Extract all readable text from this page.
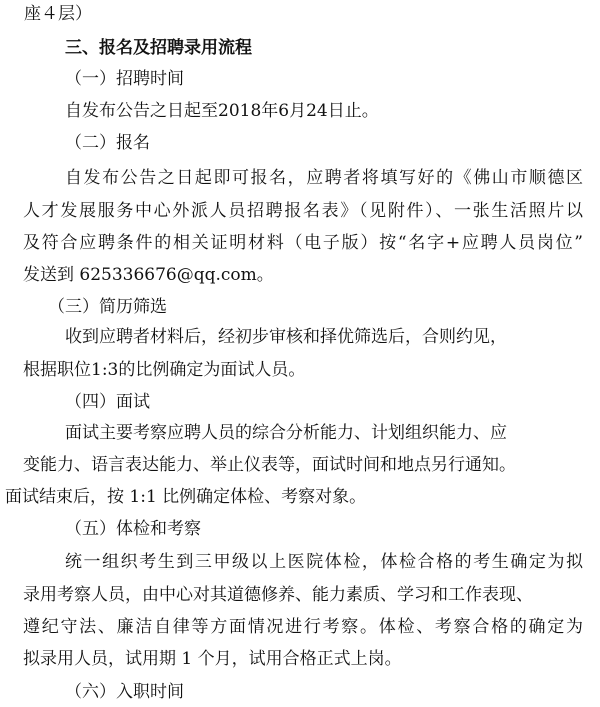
座４层）

三、报名及招聘录用流程

（一）招聘时间

自发布公告之日起至2018年6月24日止。

（二）报名

自发布公告之日起即可报名，应聘者将填写好的《佛山市顺德区

人才发展服务中心外派人员招聘报名表》（见附件）、一张生活照片以

及符合应聘条件的相关证明材料（电子版）按“名字+应聘人员岗位”

发送到 625336676@qq.com。

（三）简历筛选

收到应聘者材料后，经初步审核和择优筛选后，合则约见，

根据职位1:3的比例确定为面试人员。

（四）面试

面试主要考察应聘人员的综合分析能力、计划组织能力、应

变能力、语言表达能力、举止仪表等，面试时间和地点另行通知。

面试结束后，按 1:1 比例确定体检、考察对象。

（五）体检和考察

统一组织考生到三甲级以上医院体检，体检合格的考生确定为拟

录用考察人员，由中心对其道德修养、能力素质、学习和工作表现、

遵纪守法、廉洁自律等方面情况进行考察。体检、考察合格的确定为

拟录用人员，试用期 1 个月，试用合格正式上岗。

（六）入职时间
